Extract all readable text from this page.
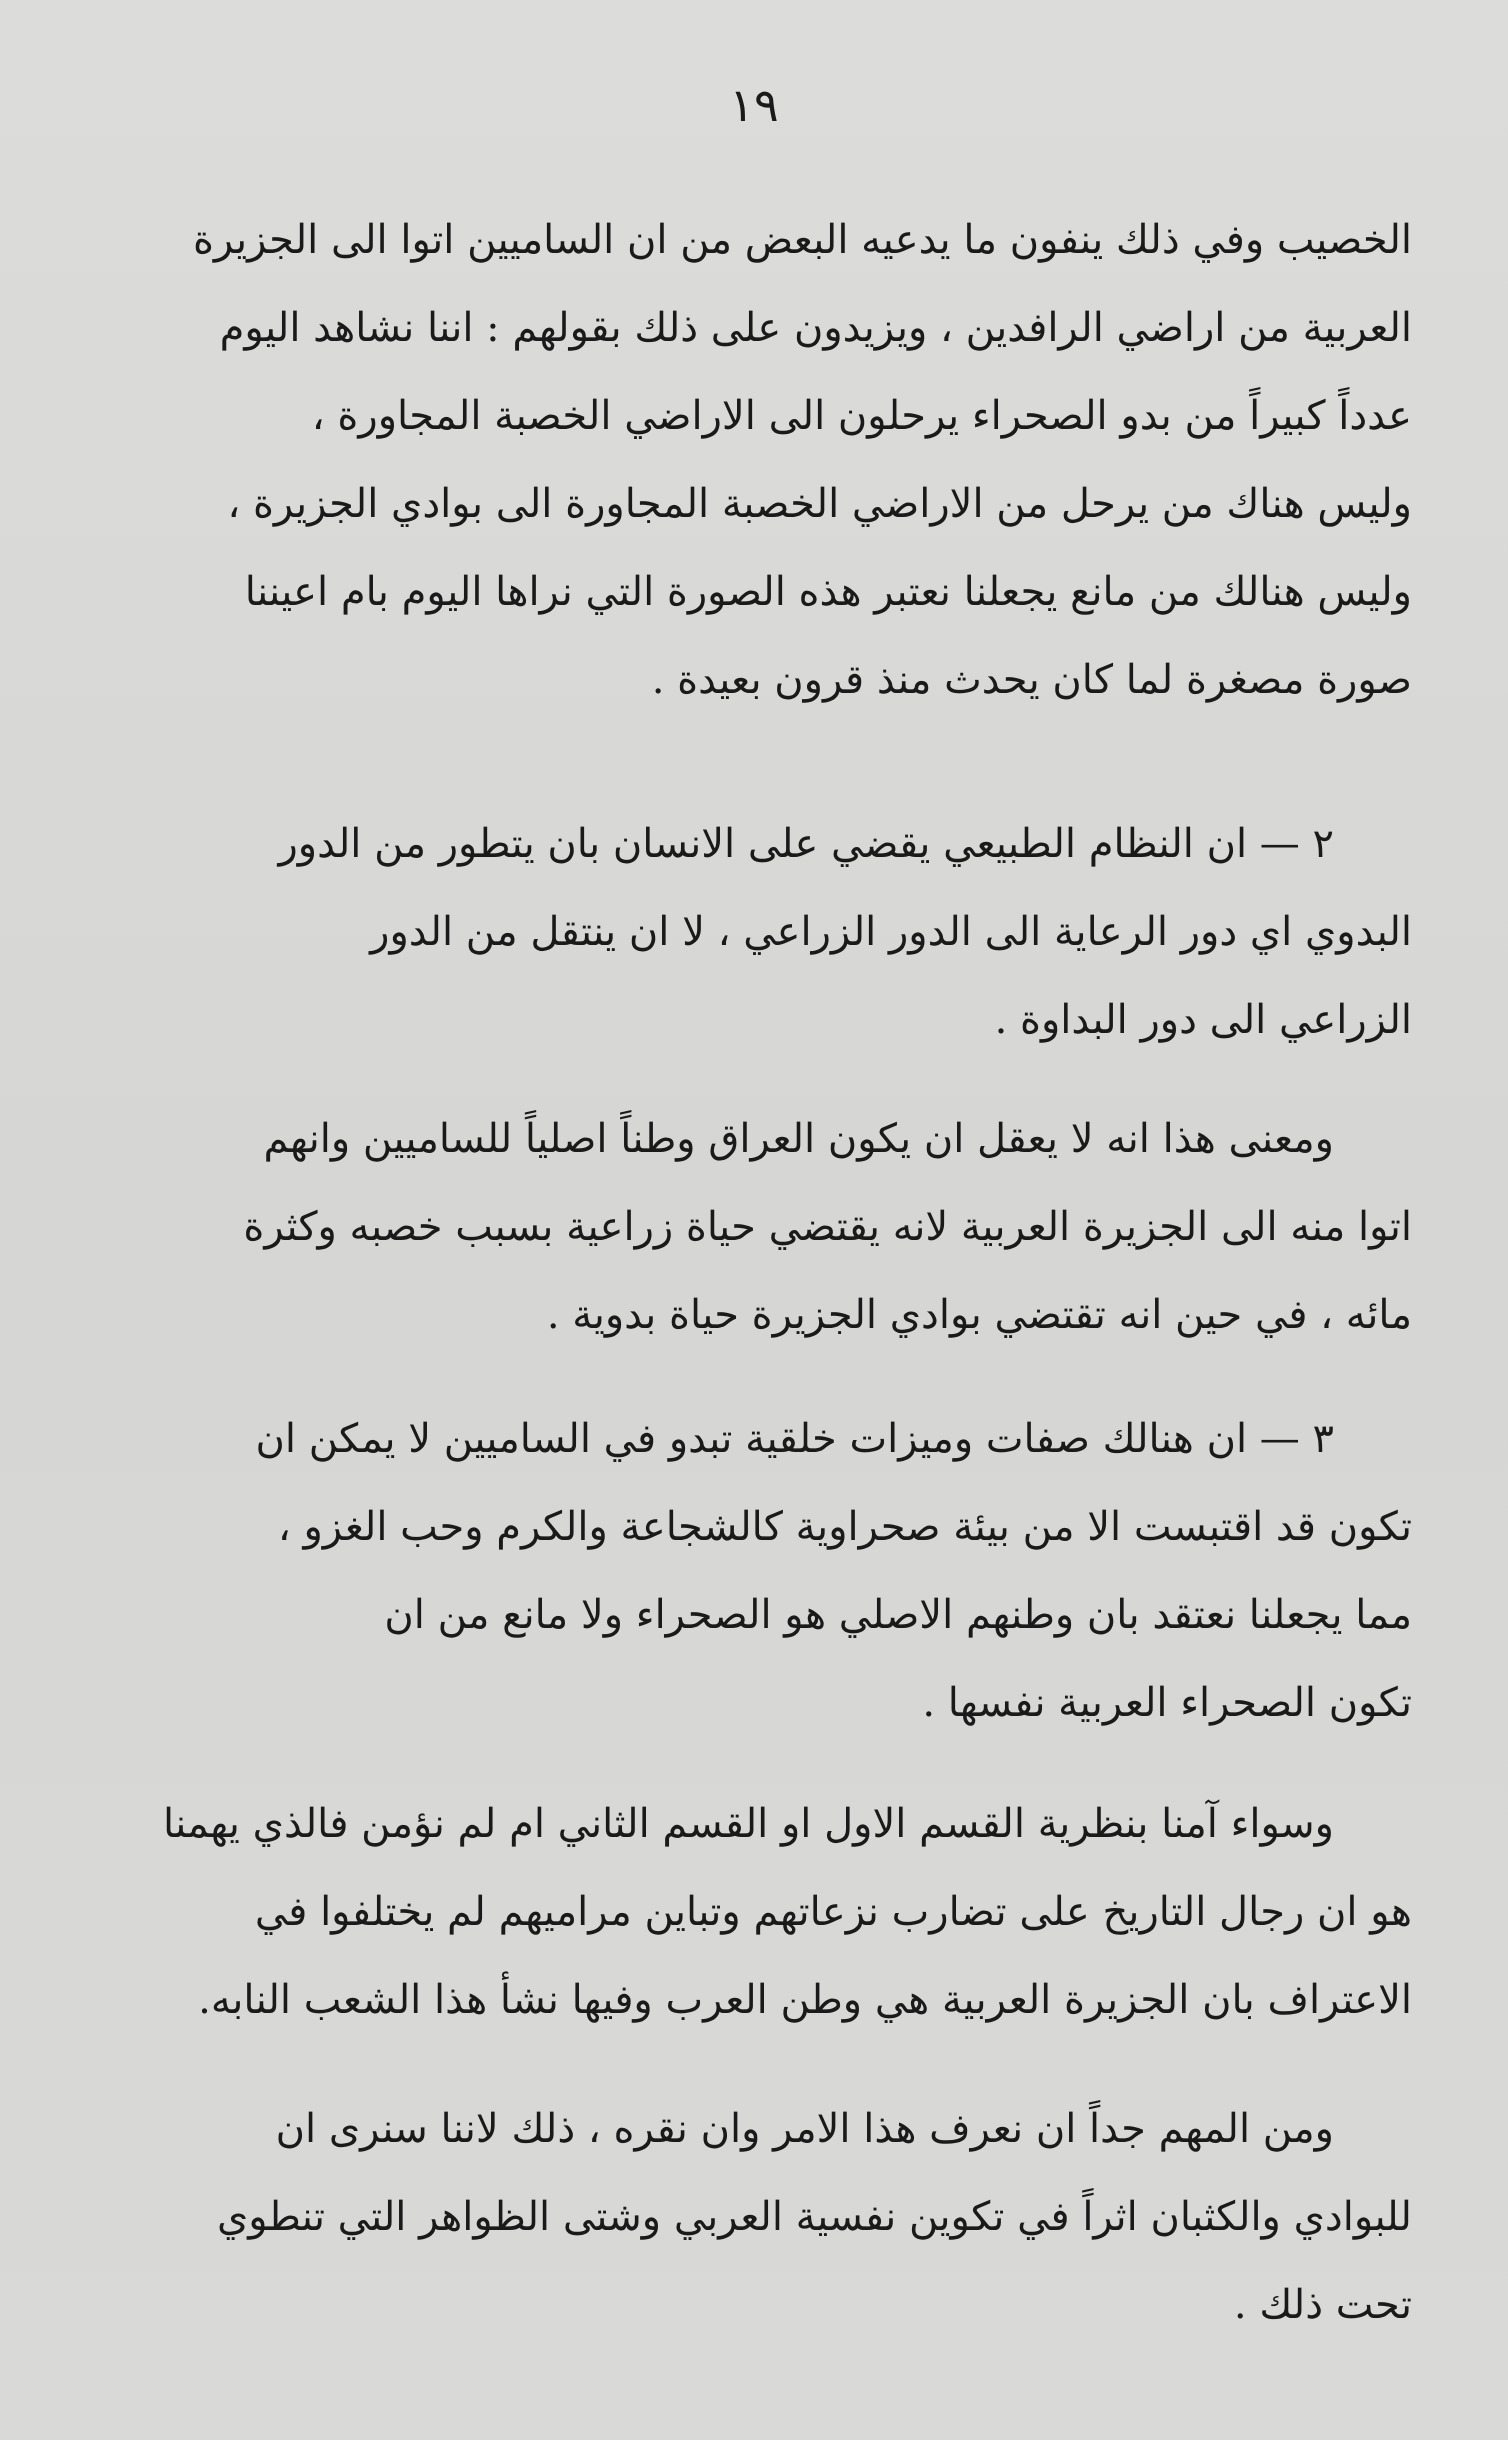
١٩
الخصيب وفي ذلك ينفون ما يدعيه البعض من ان الساميين اتوا الى الجزيرة
العربية من اراضي الرافدين ، ويزيدون على ذلك بقولهم : اننا نشاهد اليوم
عدداً كبيراً من بدو الصحراء يرحلون الى الاراضي الخصبة المجاورة ،
وليس هناك من يرحل من الاراضي الخصبة المجاورة الى بوادي الجزيرة ،
وليس هنالك من مانع يجعلنا نعتبر هذه الصورة التي نراها اليوم بام اعيننا
صورة مصغرة لما كان يحدث منذ قرون بعيدة .
٢ — ان النظام الطبيعي يقضي على الانسان بان يتطور من الدور
البدوي اي دور الرعاية الى الدور الزراعي ، لا ان ينتقل من الدور
الزراعي الى دور البداوة .
ومعنى هذا انه لا يعقل ان يكون العراق وطناً اصلياً للساميين وانهم
اتوا منه الى الجزيرة العربية لانه يقتضي حياة زراعية بسبب خصبه وكثرة
مائه ، في حين انه تقتضي بوادي الجزيرة حياة بدوية .
٣ — ان هنالك صفات وميزات خلقية تبدو في الساميين لا يمكن ان
تكون قد اقتبست الا من بيئة صحراوية كالشجاعة والكرم وحب الغزو ،
مما يجعلنا نعتقد بان وطنهم الاصلي هو الصحراء ولا مانع من ان
تكون الصحراء العربية نفسها .
وسواء آمنا بنظرية القسم الاول او القسم الثاني ام لم نؤمن فالذي يهمنا
هو ان رجال التاريخ على تضارب نزعاتهم وتباين مراميهم لم يختلفوا في
الاعتراف بان الجزيرة العربية هي وطن العرب وفيها نشأ هذا الشعب النابه.
ومن المهم جداً ان نعرف هذا الامر وان نقره ، ذلك لاننا سنرى ان
للبوادي والكثبان اثراً في تكوين نفسية العربي وشتى الظواهر التي تنطوي
تحت ذلك .
